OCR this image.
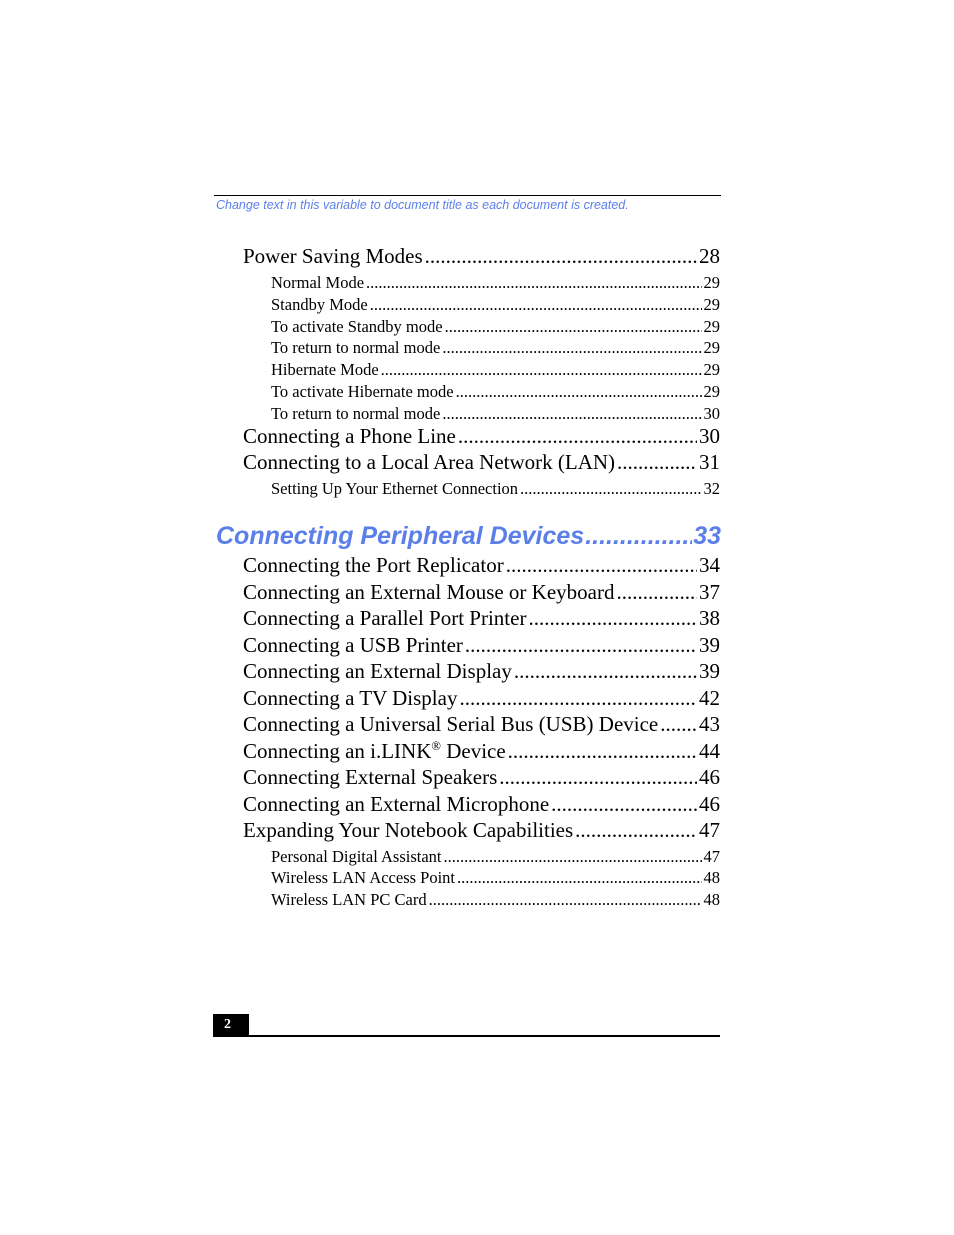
Change text in this variable to document title as each document is created.
Power Saving Modes .....	28
Normal Mode .....	29
Standby Mode .....	29
To activate Standby mode .....	29
To return to normal mode .....	29
Hibernate Mode .....	29
To activate Hibernate mode .....	29
To return to normal mode .....	30
Connecting a Phone Line .....	30
Connecting to a Local Area Network (LAN) .....	31
Setting Up Your Ethernet Connection .....	32
Connecting Peripheral Devices .....	33
Connecting the Port Replicator .....	34
Connecting an External Mouse or Keyboard .....	37
Connecting a Parallel Port Printer .....	38
Connecting a USB Printer .....	39
Connecting an External Display .....	39
Connecting a TV Display .....	42
Connecting a Universal Serial Bus (USB) Device ..... 43
Connecting an i.LINK® Device .....	44
Connecting External Speakers .....	46
Connecting an External Microphone .....	46
Expanding Your Notebook Capabilities .....	47
Personal Digital Assistant .....	47
Wireless LAN Access Point .....	48
Wireless LAN PC Card .....	48
2
